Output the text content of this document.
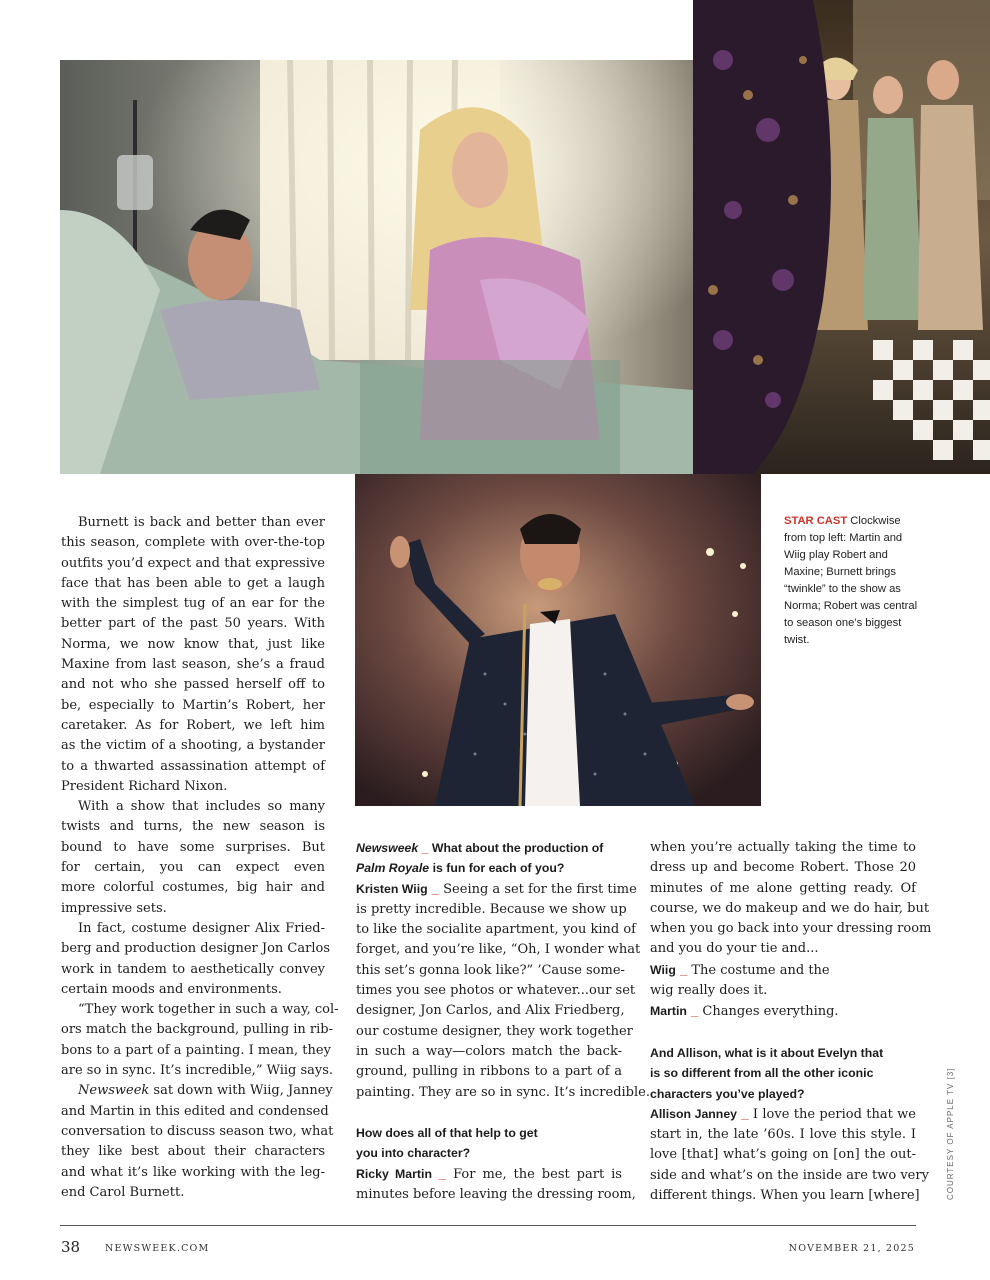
Burnett is back and better than ever

this season, complete with over-the-top

outfits you’d expect and that expressive

face that has been able to get a laugh

with the simplest tug of an ear for the

better part of the past 50 years. With

Norma, we now know that, just like

Maxine from last season, she’s a fraud

and not who she passed herself off to

be, especially to Martin’s Robert, her

caretaker. As for Robert, we left him

as the victim of a shooting, a bystander

to a thwarted assassination attempt of

President Richard Nixon.

With a show that includes so many

twists and turns, the new season is

bound to have some surprises. But

for certain, you can expect even

more colorful costumes, big hair and

impressive sets.

In fact, costume designer Alix Fried-

berg and production designer Jon Carlos

work in tandem to aesthetically convey

certain moods and environments.

“They work together in such a way, col-

ors match the background, pulling in rib-

bons to a part of a painting. I mean, they

are so in sync. It’s incredible,” Wiig says.

Newsweek sat down with Wiig, Janney

and Martin in this edited and condensed

conversation to discuss season two, what

they like best about their characters

and what it’s like working with the leg-

end Carol Burnett.

Newsweek _ What about the production of

Palm Royale is fun for each of you?

Kristen Wiig _ Seeing a set for the first time

is pretty incredible. Because we show up

to like the socialite apartment, you kind of

forget, and you’re like, “Oh, I wonder what

this set’s gonna look like?” ’Cause some-

times you see photos or whatever...our set

designer, Jon Carlos, and Alix Friedberg,

our costume designer, they work together

in such a way—colors match the back-

ground, pulling in ribbons to a part of a

painting. They are so in sync. It’s incredible.

How does all of that help to get

you into character?

Ricky Martin _ For me, the best part is

minutes before leaving the dressing room,

when you’re actually taking the time to

dress up and become Robert. Those 20

minutes of me alone getting ready. Of

course, we do makeup and we do hair, but

when you go back into your dressing room

and you do your tie and...

Wiig _ The costume and the

wig really does it.

Martin _ Changes everything.

And Allison, what is it about Evelyn that

is so different from all the other iconic

characters you’ve played?

Allison Janney _ I love the period that we

start in, the late ’60s. I love this style. I

love [that] what’s going on [on] the out-

side and what’s on the inside are two very

different things. When you learn [where]

STAR CAST Clockwise from top left: Martin and Wiig play Robert and Maxine; Burnett brings “twinkle” to the show as Norma; Robert was central to season one’s biggest twist.
COURTESY OF APPLE TV [3]
38	NEWSWEEK.COM	NOVEMBER 21, 2025
